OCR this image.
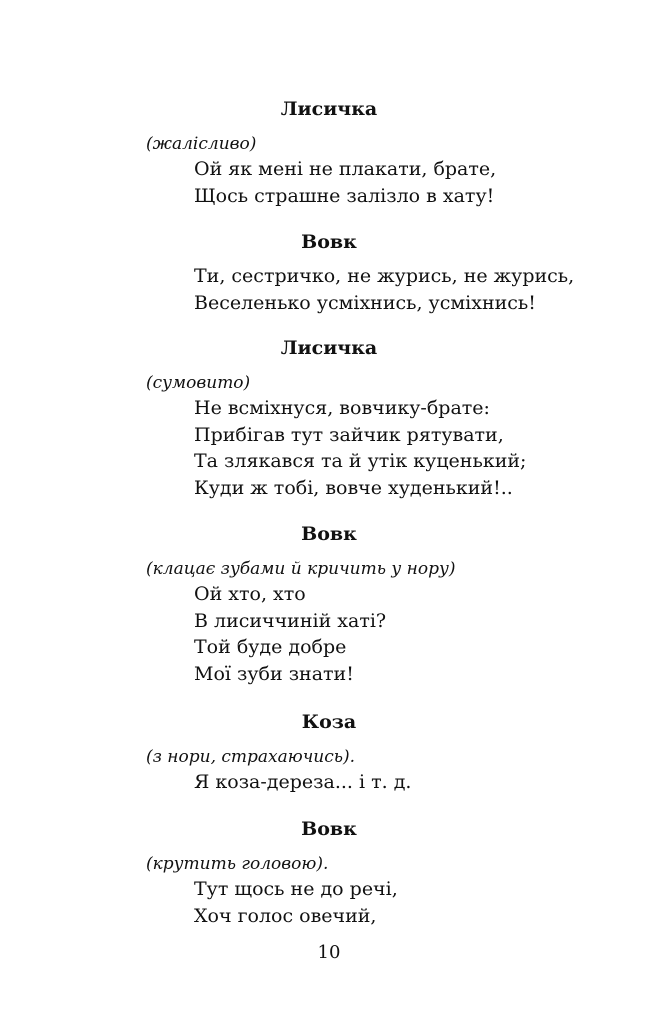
Лисичка
(жалісливо)
Ой як мені не плакати, брате,
Щось страшне залізло в хату!
Вовк
Ти, сестричко, не журись, не журись,
Веселенько усміхнись, усміхнись!
Лисичка
(сумовито)
Не всміхнуся, вовчику-брате:
Прибігав тут зайчик рятувати,
Та злякався та й утік куценький;
Куди ж тобі, вовче худенький!..
Вовк
(клацає зубами й кричить у нору)
Ой хто, хто
В лисиччиній хаті?
Той буде добре
Мої зуби знати!
Коза
(з нори, страхаючись).
Я коза-дереза... і т. д.
Вовк
(крутить головою).
Тут щось не до речі,
Хоч голос овечий,
10
